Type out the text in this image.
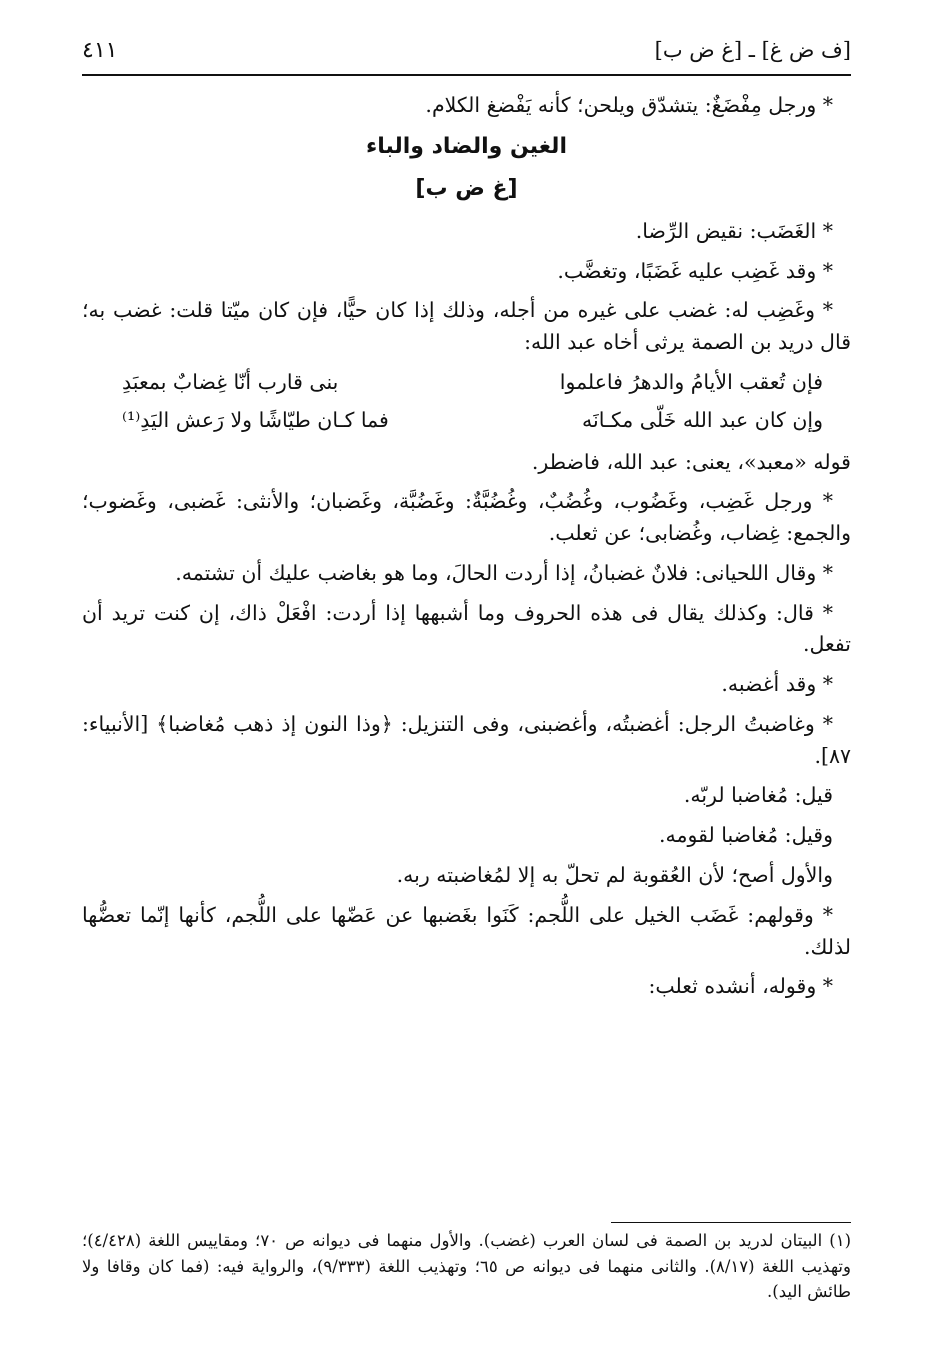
٤١١	[ف ض غ] ـ [غ ض ب]

* ورجل مِفْضَغٌ: يتشدّق ويلحن؛ كأنه يَفْضغ الكلام.

الغين والضاد والباء
[غ ض ب]

* الغَضَب: نقيض الرِّضا.

* وقد غَضِب عليه غَضَبًا، وتغضَّب.

* وغَضِب له: غضب على غيره من أجله، وذلك إذا كان حيًّا، فإن كان ميّتا قلت: غضب به؛ قال دريد بن الصمة يرثى أخاه عبد الله:

فإن تُعقب الأيامُ والدهرُ فاعلموا
بنى قارب أنّا غِضابٌ بمعبَدِ
وإن كان عبد الله خَلّى مكـانَه
فما كـان طيّاشًا ولا رَعش اليَدِ⁽¹⁾

قوله «معبد»، يعنى: عبد الله، فاضطر.

* ورجل غَضِب، وغَضُوب، وغُضُبٌ، وغُضُبَّةٌ: وغَضُبَّة، وغَضبان؛ والأنثى: غَضبى، وغَضوب؛ والجمع: غِضاب، وغُضابى؛ عن ثعلب.

* وقال اللحيانى: فلانٌ غضبانُ، إذا أردت الحالَ، وما هو بغاضب عليك أن تشتمه.

* قال: وكذلك يقال فى هذه الحروف وما أشبهها إذا أردت: افْعَلْ ذاك، إن كنت تريد أن تفعل.

* وقد أغضبه.

* وغاضبتُ الرجل: أغضبتُه، وأغضبنى، وفى التنزيل: ﴿وذا النون إذ ذهب مُغاضبا﴾ [الأنبياء: ٨٧].

قيل: مُغاضبا لربّه.

وقيل: مُغاضبا لقومه.

والأول أصح؛ لأن العُقوبة لم تحلّ به إلا لمُغاضبته ربه.

* وقولهم: غَضَب الخيل على اللُّجم: كَنَوا بغَضبها عن عَضّها على اللُّجم، كأنها إنّما تعضُّها لذلك.

* وقوله، أنشده ثعلب:

(١) البيتان لدريد بن الصمة فى لسان العرب (غضب). والأول منهما فى ديوانه ص ٧٠؛ ومقاييس اللغة (٤/٤٢٨)؛ وتهذيب اللغة (٨/١٧). والثانى منهما فى ديوانه ص ٦٥؛ وتهذيب اللغة (٩/٣٣٣)، والرواية فيه: (فما كان وقافا ولا طائش اليد).
